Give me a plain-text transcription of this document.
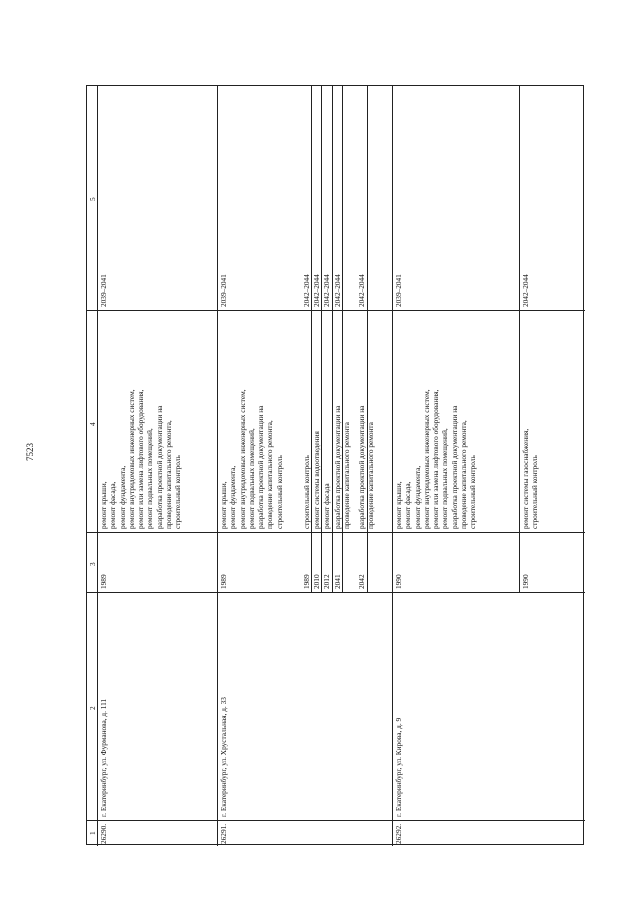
7523
1
2
3
4
5
26290.
г. Екатеринбург, ул. Фурманова, д. 111
1989
ремонт крыши,
ремонт фасада,
ремонт фундамента,
ремонт внутридомовых инженерных систем,
ремонт или замена лифтового оборудования,
ремонт подвальных помещений,
разработка проектной документации на
проведение капитального ремонта,
строительный контроль
2039–2041
26291.
г. Екатеринбург, ул. Хрустальная, д. 33
1989
ремонт крыши,
ремонт фундамента,
ремонт внутридомовых инженерных систем,
ремонт подвальных помещений,
разработка проектной документации на
проведение капитального ремонта,
строительный контроль
2039–2041
1989
строительный контроль
2042–2044
2010
ремонт системы водоотведения
2042–2044
2012
ремонт фасада
2042–2044
2041
разработка проектной документации на
проведение капитального ремонта
2042–2044
2042
разработка проектной документации на
проведение капитального ремонта
2042–2044
26292.
г. Екатеринбург, ул. Кирова, д. 9
1990
ремонт крыши,
ремонт фасада,
ремонт фундамента,
ремонт внутридомовых инженерных систем,
ремонт или замена лифтового оборудования,
ремонт подвальных помещений,
разработка проектной документации на
проведение капитального ремонта,
строительный контроль
2039–2041
1990
ремонт системы газоснабжения,
строительный контроль
2042–2044
